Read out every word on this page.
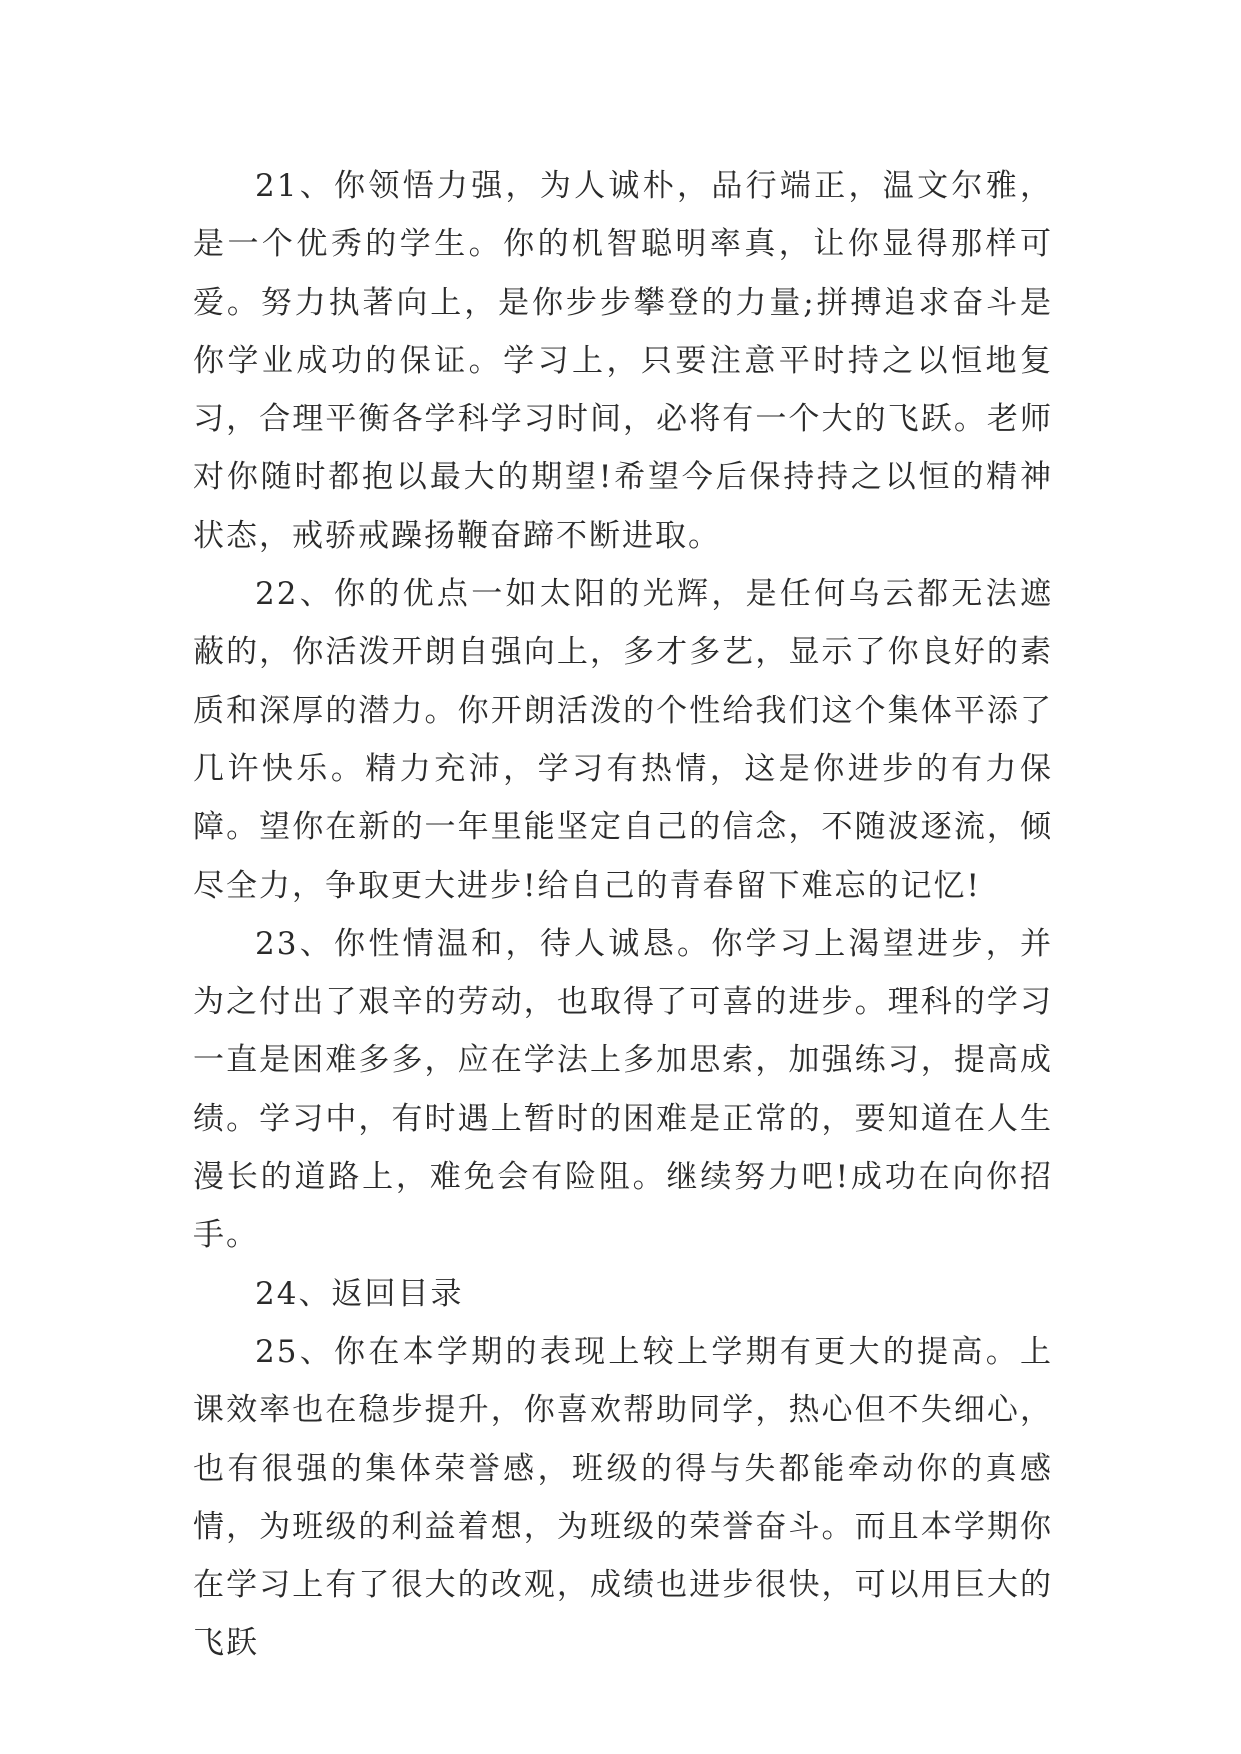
21、你领悟力强，为人诚朴，品行端正，温文尔雅，是一个优秀的学生。你的机智聪明率真，让你显得那样可爱。努力执著向上，是你步步攀登的力量;拼搏追求奋斗是你学业成功的保证。学习上，只要注意平时持之以恒地复习，合理平衡各学科学习时间，必将有一个大的飞跃。老师对你随时都抱以最大的期望!希望今后保持持之以恒的精神状态，戒骄戒躁扬鞭奋蹄不断进取。

22、你的优点一如太阳的光辉，是任何乌云都无法遮蔽的，你活泼开朗自强向上，多才多艺，显示了你良好的素质和深厚的潜力。你开朗活泼的个性给我们这个集体平添了几许快乐。精力充沛，学习有热情，这是你进步的有力保障。望你在新的一年里能坚定自己的信念，不随波逐流，倾尽全力，争取更大进步!给自己的青春留下难忘的记忆!

23、你性情温和，待人诚恳。你学习上渴望进步，并为之付出了艰辛的劳动，也取得了可喜的进步。理科的学习一直是困难多多，应在学法上多加思索，加强练习，提高成绩。学习中，有时遇上暂时的困难是正常的，要知道在人生漫长的道路上，难免会有险阻。继续努力吧!成功在向你招手。

24、返回目录

25、你在本学期的表现上较上学期有更大的提高。上课效率也在稳步提升，你喜欢帮助同学，热心但不失细心，也有很强的集体荣誉感，班级的得与失都能牵动你的真感情，为班级的利益着想，为班级的荣誉奋斗。而且本学期你在学习上有了很大的改观，成绩也进步很快，可以用巨大的飞跃
